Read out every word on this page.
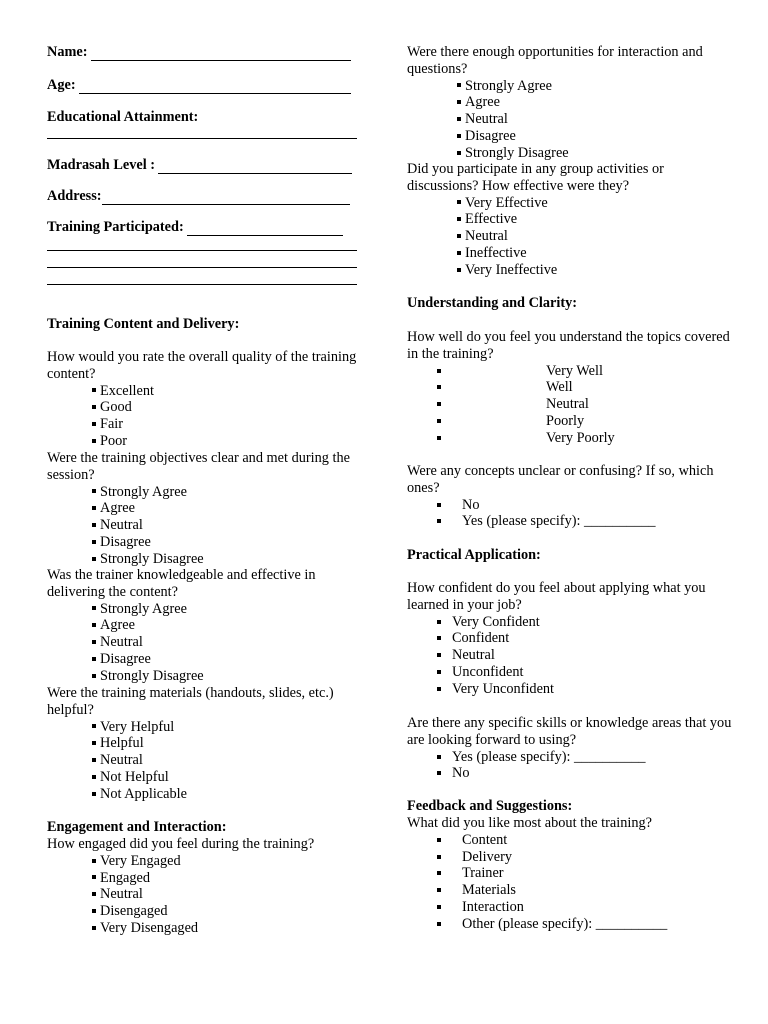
Name:
Age:
Educational Attainment:
Madrasah Level :
Address:
Training Participated:
Training Content and Delivery:

How would you rate the overall quality of the training content?

Excellent
Good
Fair
Poor

Were the training objectives clear and met during the session?

Strongly Agree
Agree
Neutral
Disagree
Strongly Disagree

Was the trainer knowledgeable and effective in delivering the content?

Strongly Agree
Agree
Neutral
Disagree
Strongly Disagree

Were the training materials (handouts, slides, etc.) helpful?

Very Helpful
Helpful
Neutral
Not Helpful
Not Applicable
Engagement and Interaction:

How engaged did you feel during the training?

Very Engaged
Engaged
Neutral
Disengaged
Very Disengaged

Were there enough opportunities for interaction and questions?

Strongly Agree
Agree
Neutral
Disagree
Strongly Disagree

Did you participate in any group activities or discussions? How effective were they?

Very Effective
Effective
Neutral
Ineffective
Very Ineffective
Understanding and Clarity:

How well do you feel you understand the topics covered in the training?

Very Well
Well
Neutral
Poorly
Very Poorly

Were any concepts unclear or confusing? If so, which ones?

No
Yes (please specify): __________
Practical Application:

How confident do you feel about applying what you learned in your job?

Very Confident
Confident
Neutral
Unconfident
Very Unconfident

Are there any specific skills or knowledge areas that you are looking forward to using?

Yes (please specify): __________
No
Feedback and Suggestions:

What did you like most about the training?

Content
Delivery
Trainer
Materials
Interaction
Other (please specify): __________
